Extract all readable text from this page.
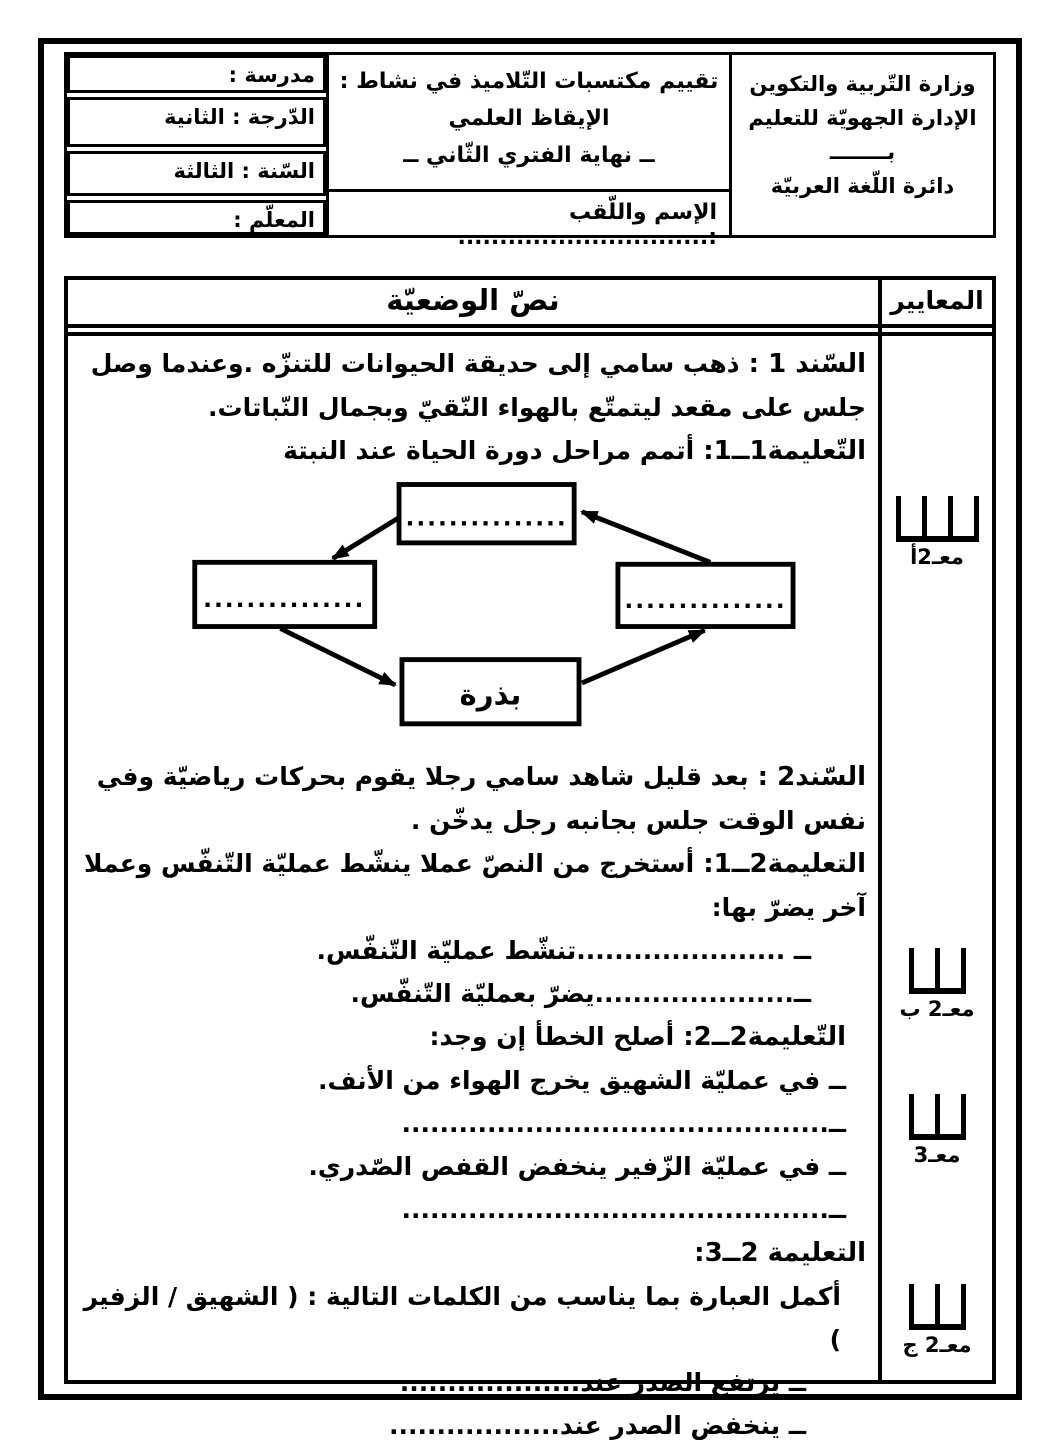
وزارة التّربية والتكوين
الإدارة الجهويّة للتعليم
بــــــــ
دائرة اللّغة العربيّة
تقييم مكتسبات التّلاميذ في نشاط :
الإيقاظ العلمي
ــ نهاية الفتري الثّاني ــ
الإسم واللّقب :..............................
مدرسة :
الدّرجة : الثانية
السّنة : الثالثة
المعلّم :
المعايير
نصّ الوضعيّة
معـ2أ
معـ2 ب
معـ3
معـ2 ج
السّند 1 : ذهب سامي إلى حديقة الحيوانات للتنزّه .وعندما وصل جلس على مقعد ليتمتّع بالهواء النّقيّ وبجمال النّباتات.
التّعليمة1ــ1: أتمم مراحل دورة الحياة عند النبتة
...............
...............	...............
بذرة
السّند2 : بعد قليل شاهد سامي رجلا يقوم بحركات رياضيّة وفي نفس الوقت جلس بجانبه رجل يدخّن .
التعليمة2ــ1: أستخرج من النصّ عملا ينشّط عمليّة التّنفّس وعملا آخر يضرّ بها:
ــ ......................تنشّط عمليّة التّنفّس.
ــ.....................يضرّ بعمليّة التّنفّس.
التّعليمة2ــ2: أصلح الخطأ إن وجد:
ــ في عمليّة الشهيق يخرج الهواء من الأنف.
ــ.............................................
ــ في عمليّة الزّفير ينخفض القفص الصّدري.
ــ.............................................
التعليمة 2ــ3:
أكمل العبارة بما يناسب من الكلمات التالية : ( الشهيق / الزفير )
ــ يرتفع الصدر عند...................
ــ ينخفض الصدر عند..................
